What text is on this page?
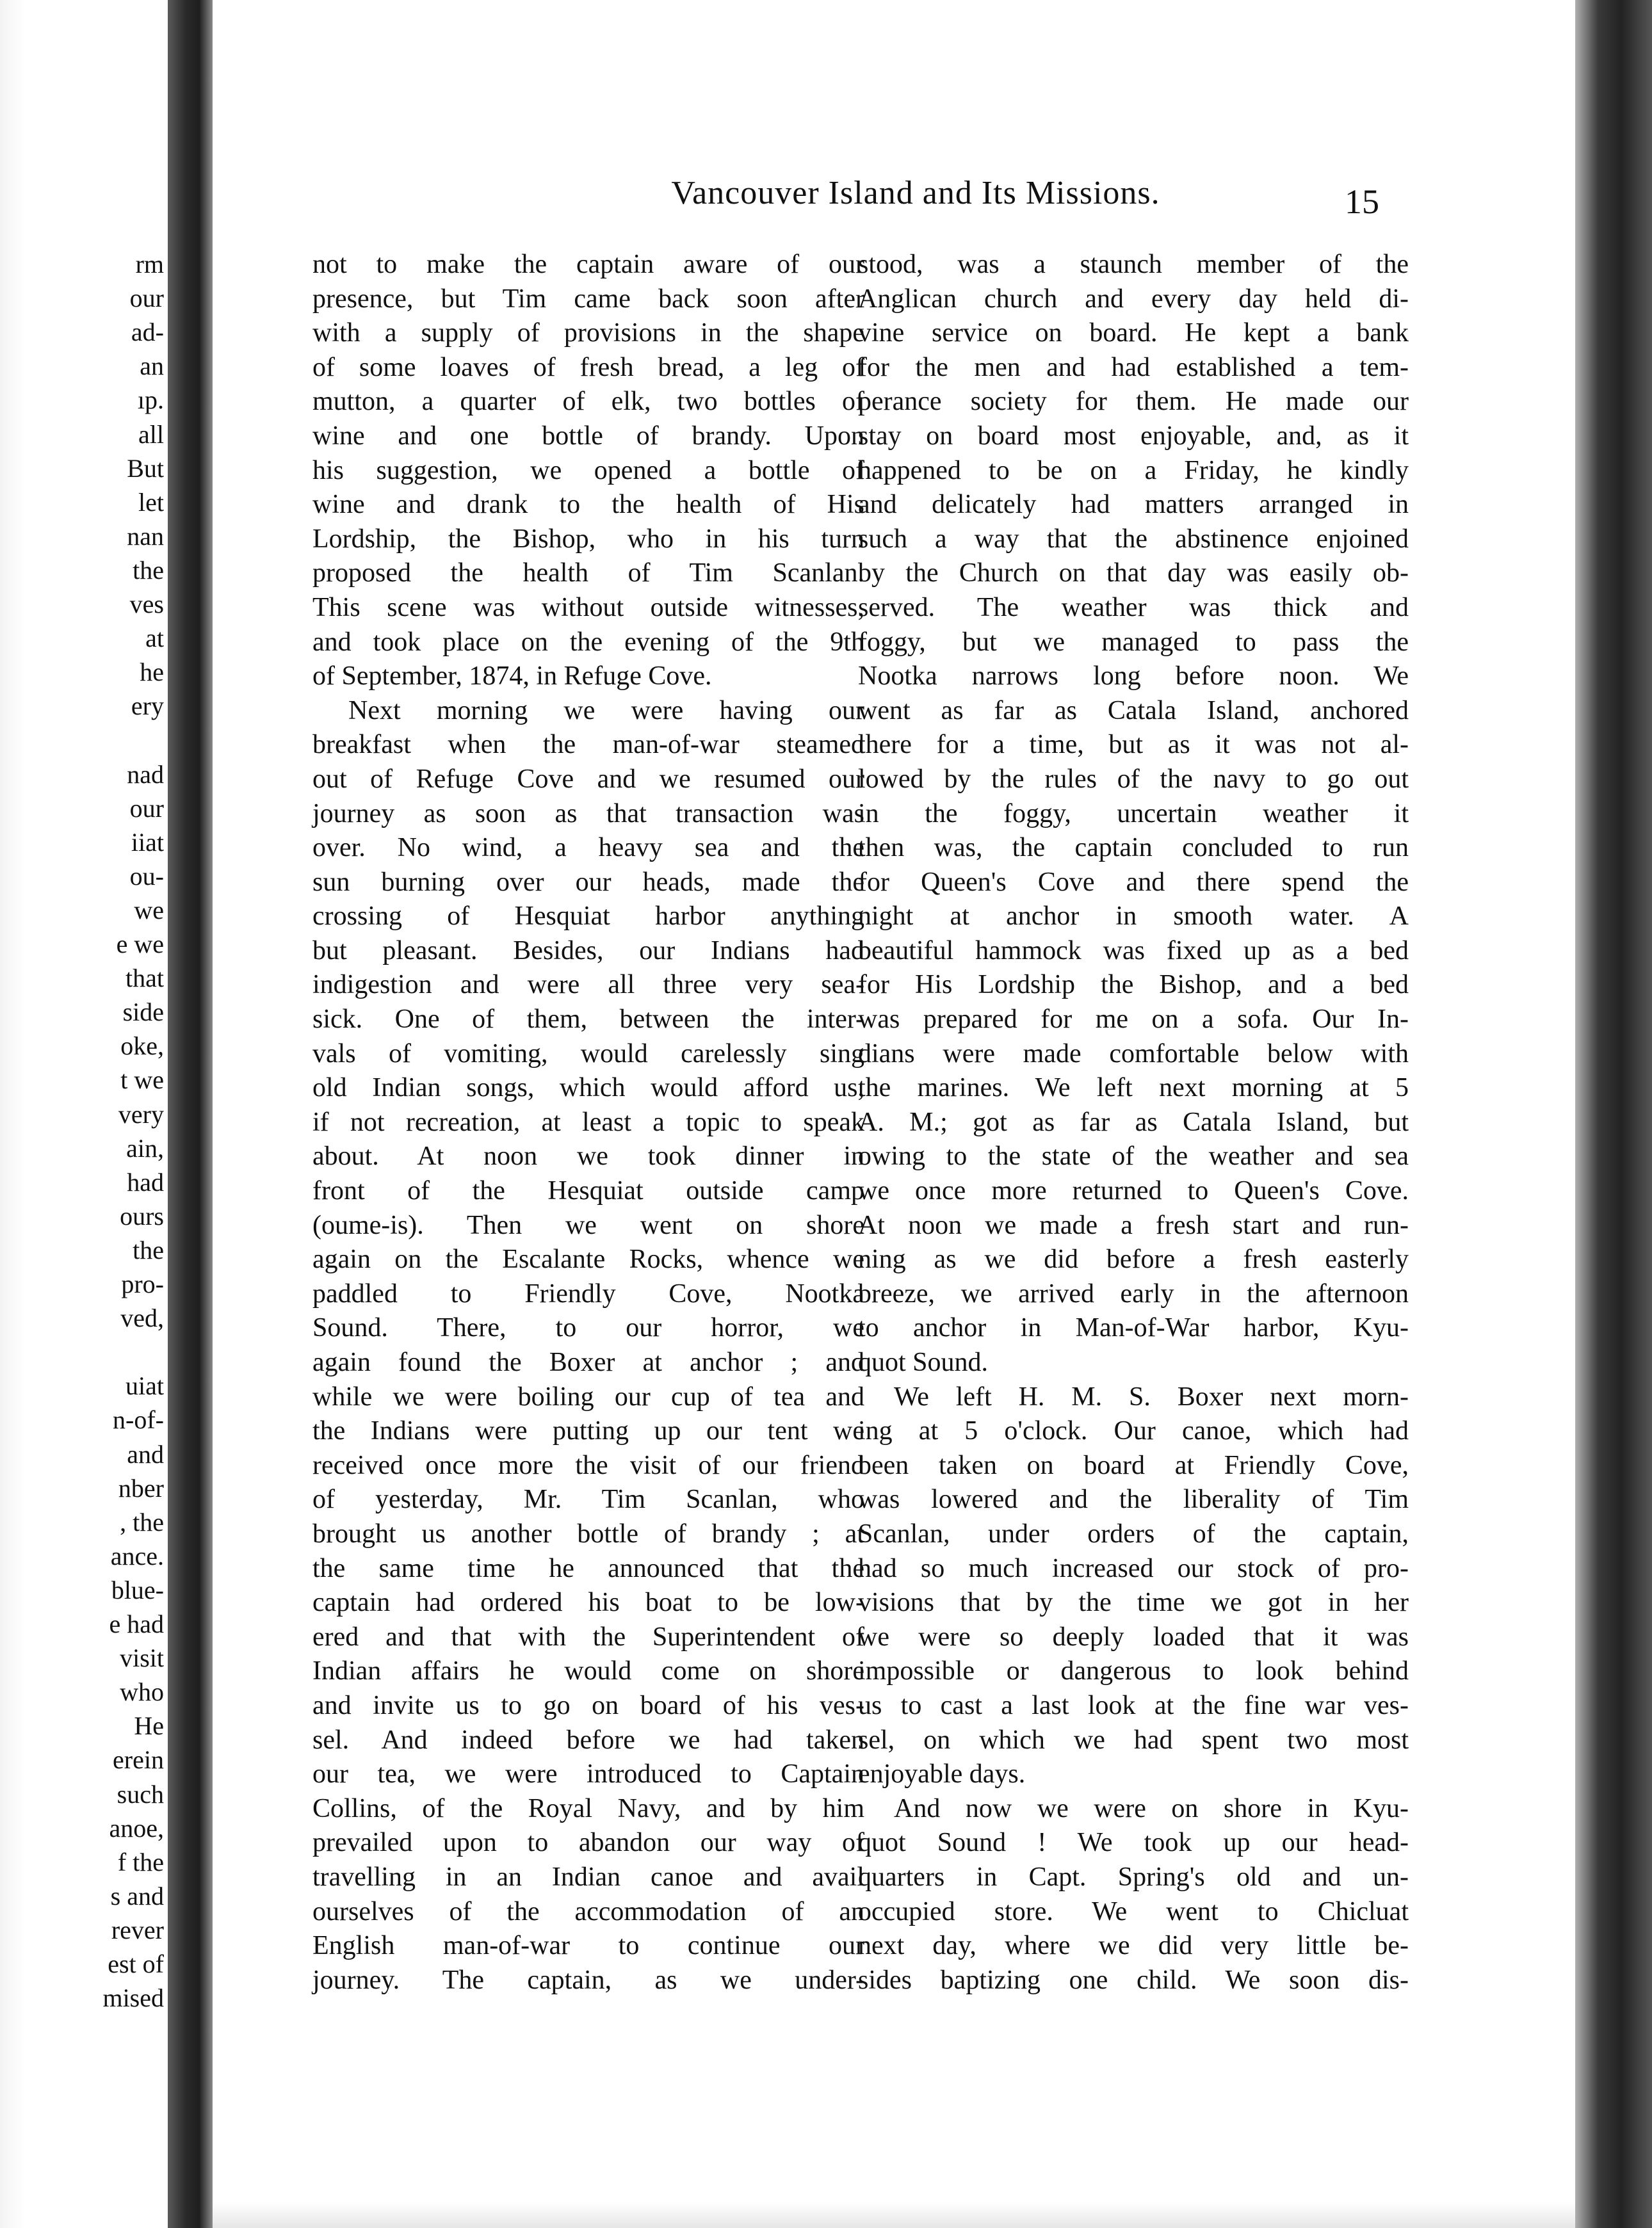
rm
our
ad-
an
ıp.
all
But
let
nan
the
ves
at
he
ery
nad
our
iiat
ou-
we
e we
that
side
oke,
t we
very
ain,
had
ours
the
pro-
ved,
uiat
n-of-
and
nber
, the
ance.
blue-
e had
visit
who
He
erein
such
anoe,
f the
s and
rever
est of
mised
Vancouver Island and Its Missions.	15
not to make the captain aware of our
presence, but Tim came back soon after
with a supply of provisions in the shape
of some loaves of fresh bread, a leg of
mutton, a quarter of elk, two bottles of
wine and one bottle of brandy. Upon
his suggestion, we opened a bottle of
wine and drank to the health of His
Lordship, the Bishop, who in his turn
proposed the health of Tim Scanlan.
This scene was without outside witnesses,
and took place on the evening of the 9th
of September, 1874, in Refuge Cove.
Next morning we were having our
breakfast when the man-of-war steamed
out of Refuge Cove and we resumed our
journey as soon as that transaction was
over. No wind, a heavy sea and the
sun burning over our heads, made the
crossing of Hesquiat harbor anything
but pleasant. Besides, our Indians had
indigestion and were all three very sea-
sick. One of them, between the inter-
vals of vomiting, would carelessly sing
old Indian songs, which would afford us,
if not recreation, at least a topic to speak
about. At noon we took dinner in
front of the Hesquiat outside camp
(oume-is). Then we went on shore
again on the Escalante Rocks, whence we
paddled to Friendly Cove, Nootka
Sound. There, to our horror, we
again found the Boxer at anchor ; and
while we were boiling our cup of tea and
the Indians were putting up our tent we
received once more the visit of our friend
of yesterday, Mr. Tim Scanlan, who
brought us another bottle of brandy ; at
the same time he announced that the
captain had ordered his boat to be low-
ered and that with the Superintendent of
Indian affairs he would come on shore
and invite us to go on board of his ves-
sel. And indeed before we had taken
our tea, we were introduced to Captain
Collins, of the Royal Navy, and by him
prevailed upon to abandon our way of
travelling in an Indian canoe and avail
ourselves of the accommodation of an
English man-of-war to continue our
journey. The captain, as we under-
stood, was a staunch member of the
Anglican church and every day held di-
vine service on board. He kept a bank
for the men and had established a tem-
perance society for them. He made our
stay on board most enjoyable, and, as it
happened to be on a Friday, he kindly
and delicately had matters arranged in
such a way that the abstinence enjoined
by the Church on that day was easily ob-
served. The weather was thick and
foggy, but we managed to pass the
Nootka narrows long before noon. We
went as far as Catala Island, anchored
there for a time, but as it was not al-
lowed by the rules of the navy to go out
in the foggy, uncertain weather it
then was, the captain concluded to run
for Queen's Cove and there spend the
night at anchor in smooth water. A
beautiful hammock was fixed up as a bed
for His Lordship the Bishop, and a bed
was prepared for me on a sofa. Our In-
dians were made comfortable below with
the marines. We left next morning at 5
A. M.; got as far as Catala Island, but
owing to the state of the weather and sea
we once more returned to Queen's Cove.
At noon we made a fresh start and run-
ning as we did before a fresh easterly
breeze, we arrived early in the afternoon
to anchor in Man-of-War harbor, Kyu-
quot Sound.
We left H. M. S. Boxer next morn-
ing at 5 o'clock. Our canoe, which had
been taken on board at Friendly Cove,
was lowered and the liberality of Tim
Scanlan, under orders of the captain,
had so much increased our stock of pro-
visions that by the time we got in her
we were so deeply loaded that it was
impossible or dangerous to look behind
us to cast a last look at the fine war ves-
sel, on which we had spent two most
enjoyable days.
And now we were on shore in Kyu-
quot Sound ! We took up our head-
quarters in Capt. Spring's old and un-
occupied store. We went to Chicluat
next day, where we did very little be-
sides baptizing one child. We soon dis-
